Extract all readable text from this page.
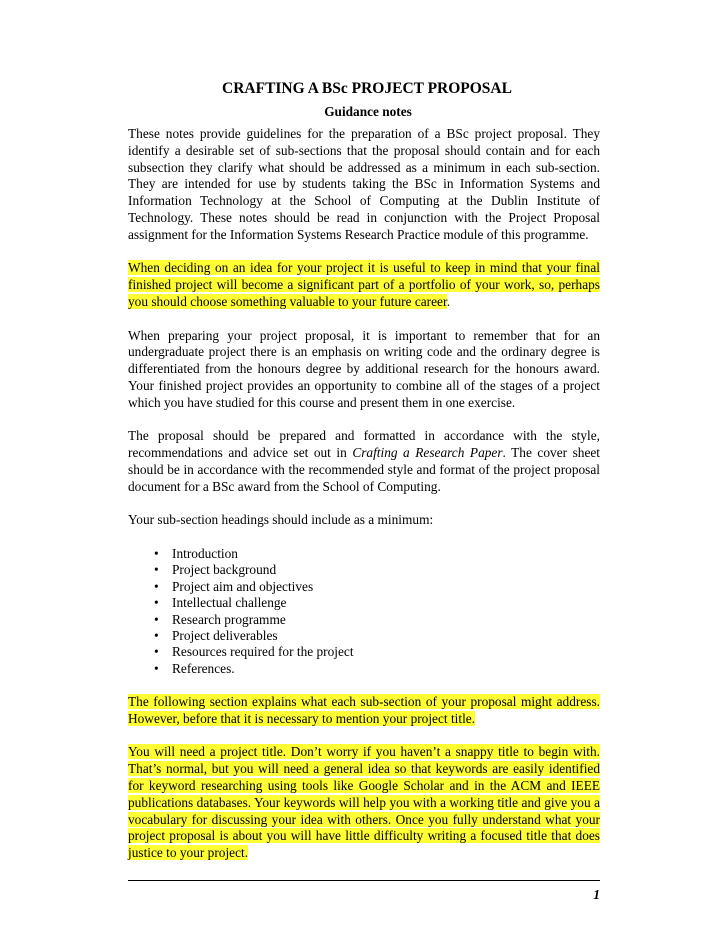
CRAFTING A BSc PROJECT PROPOSAL
Guidance notes

These notes provide guidelines for the preparation of a BSc project proposal. They identify a desirable set of sub-sections that the proposal should contain and for each subsection they clarify what should be addressed as a minimum in each sub-section. They are intended for use by students taking the BSc in Information Systems and Information Technology at the School of Computing at the Dublin Institute of Technology. These notes should be read in conjunction with the Project Proposal assignment for the Information Systems Research Practice module of this programme.

When deciding on an idea for your project it is useful to keep in mind that your final finished project will become a significant part of a portfolio of your work, so, perhaps you should choose something valuable to your future career.

When preparing your project proposal, it is important to remember that for an undergraduate project there is an emphasis on writing code and the ordinary degree is differentiated from the honours degree by additional research for the honours award. Your finished project provides an opportunity to combine all of the stages of a project which you have studied for this course and present them in one exercise.

The proposal should be prepared and formatted in accordance with the style, recommendations and advice set out in Crafting a Research Paper. The cover sheet should be in accordance with the recommended style and format of the project proposal document for a BSc award from the School of Computing.

Your sub-section headings should include as a minimum:

• Introduction
• Project background
• Project aim and objectives
• Intellectual challenge
• Research programme
• Project deliverables
• Resources required for the project
• References.

The following section explains what each sub-section of your proposal might address. However, before that it is necessary to mention your project title.

You will need a project title. Don’t worry if you haven’t a snappy title to begin with. That’s normal, but you will need a general idea so that keywords are easily identified for keyword researching using tools like Google Scholar and in the ACM and IEEE publications databases. Your keywords will help you with a working title and give you a vocabulary for discussing your idea with others. Once you fully understand what your project proposal is about you will have little difficulty writing a focused title that does justice to your project.

1
